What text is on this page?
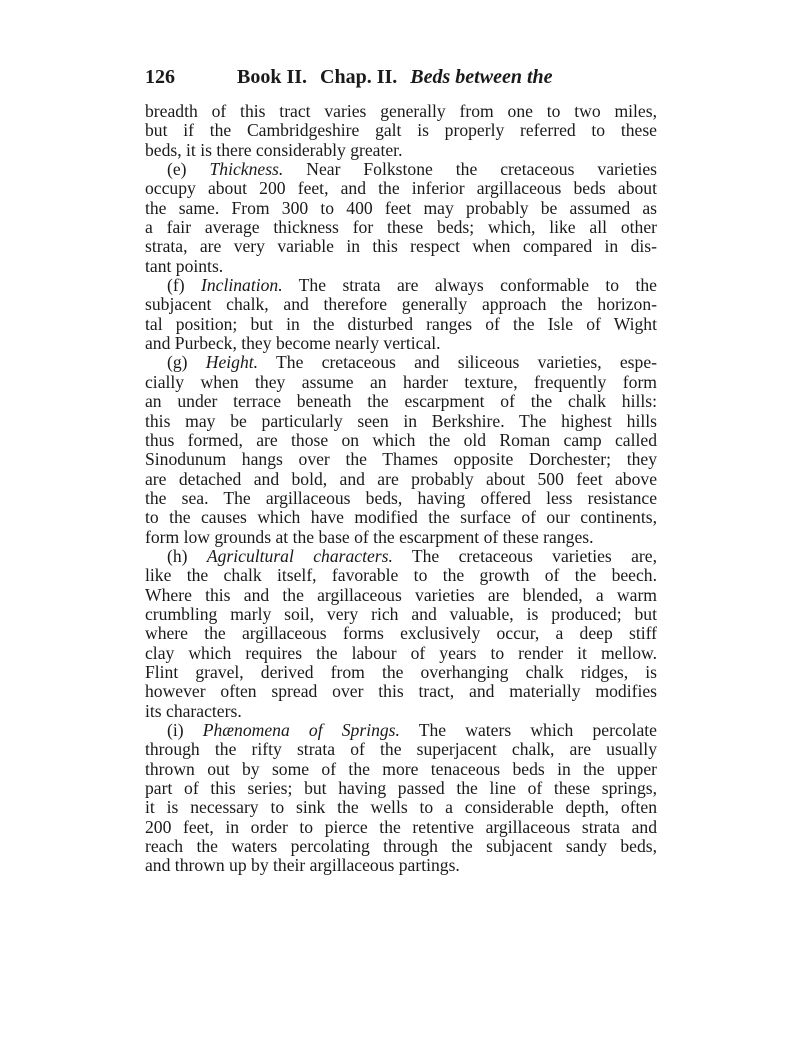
126	Book II. Chap. II. Beds between the
breadth of this tract varies generally from one to two miles,
but if the Cambridgeshire galt is properly referred to these
beds, it is there considerably greater.
(e) Thickness. Near Folkstone the cretaceous varieties
occupy about 200 feet, and the inferior argillaceous beds about
the same. From 300 to 400 feet may probably be assumed as
a fair average thickness for these beds; which, like all other
strata, are very variable in this respect when compared in dis-
tant points.
(f) Inclination. The strata are always conformable to the
subjacent chalk, and therefore generally approach the horizon-
tal position; but in the disturbed ranges of the Isle of Wight
and Purbeck, they become nearly vertical.
(g) Height. The cretaceous and siliceous varieties, espe-
cially when they assume an harder texture, frequently form
an under terrace beneath the escarpment of the chalk hills:
this may be particularly seen in Berkshire. The highest hills
thus formed, are those on which the old Roman camp called
Sinodunum hangs over the Thames opposite Dorchester; they
are detached and bold, and are probably about 500 feet above
the sea. The argillaceous beds, having offered less resistance
to the causes which have modified the surface of our continents,
form low grounds at the base of the escarpment of these ranges.
(h) Agricultural characters. The cretaceous varieties are,
like the chalk itself, favorable to the growth of the beech.
Where this and the argillaceous varieties are blended, a warm
crumbling marly soil, very rich and valuable, is produced; but
where the argillaceous forms exclusively occur, a deep stiff
clay which requires the labour of years to render it mellow.
Flint gravel, derived from the overhanging chalk ridges, is
however often spread over this tract, and materially modifies
its characters.
(i) Phænomena of Springs. The waters which percolate
through the rifty strata of the superjacent chalk, are usually
thrown out by some of the more tenaceous beds in the upper
part of this series; but having passed the line of these springs,
it is necessary to sink the wells to a considerable depth, often
200 feet, in order to pierce the retentive argillaceous strata and
reach the waters percolating through the subjacent sandy beds,
and thrown up by their argillaceous partings.
